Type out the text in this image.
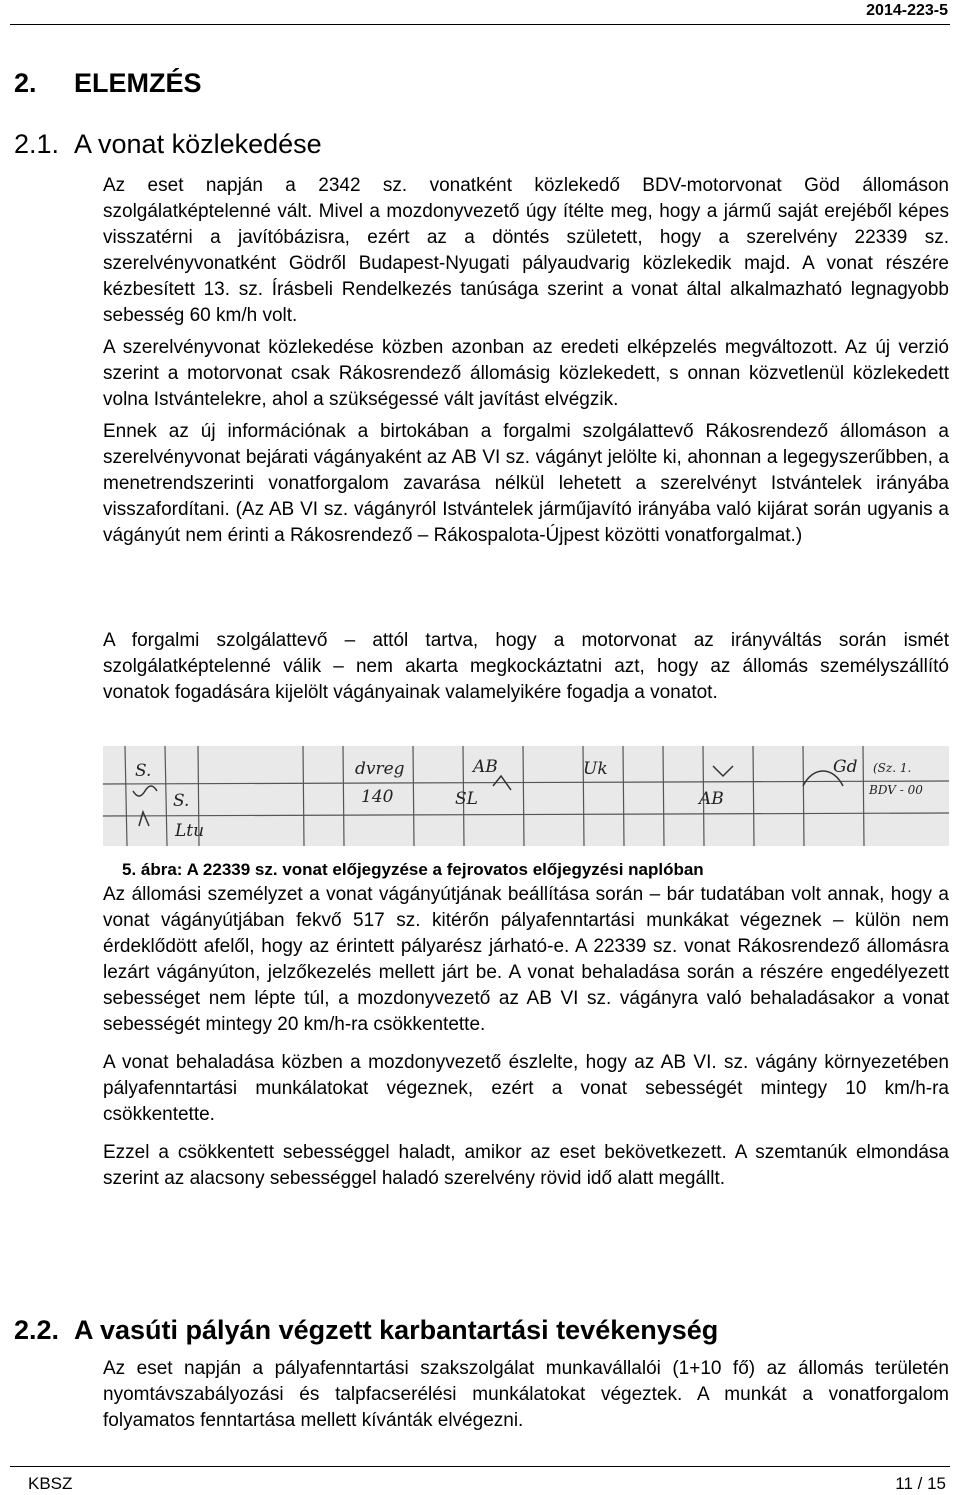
2014-223-5
2. ELEMZÉS
2.1. A vonat közlekedése

Az eset napján a 2342 sz. vonatként közlekedő BDV-motorvonat Göd állomáson szolgálatképtelenné vált. Mivel a mozdonyvezető úgy ítélte meg, hogy a jármű saját erejéből képes visszatérni a javítóbázisra, ezért az a döntés született, hogy a szerelvény 22339 sz. szerelvényvonatként Gödről Budapest-Nyugati pályaudvarig közlekedik majd. A vonat részére kézbesített 13. sz. Írásbeli Rendelkezés tanúsága szerint a vonat által alkalmazható legnagyobb sebesség 60 km/h volt.

A szerelvényvonat közlekedése közben azonban az eredeti elképzelés megváltozott. Az új verzió szerint a motorvonat csak Rákosrendező állomásig közlekedett, s onnan közvetlenül közlekedett volna Istvántelekre, ahol a szükségessé vált javítást elvégzik.

Ennek az új információnak a birtokában a forgalmi szolgálattevő Rákosrendező állomáson a szerelvényvonat bejárati vágányaként az AB VI sz. vágányt jelölte ki, ahonnan a legegyszerűbben, a menetrendszerinti vonatforgalom zavarása nélkül lehetett a szerelvényt Istvántelek irányába visszafordítani. (Az AB VI sz. vágányról Istvántelek járműjavító irányába való kijárat során ugyanis a vágányút nem érinti a Rákosrendező – Rákospalota-Újpest közötti vonatforgalmat.)

A forgalmi szolgálattevő – attól tartva, hogy a motorvonat az irányváltás során ismét szolgálatképtelenné válik – nem akarta megkockáztatni azt, hogy az állomás személyszállító vonatok fogadására kijelölt vágányainak valamelyikére fogadja a vonatot.

dvreg	AB
140
S.	(Sz. 1.
AB	BDV - 00
Uk
S.
Ltu
SL
Gd
5. ábra: A 22339 sz. vonat előjegyzése a fejrovatos előjegyzési naplóban

Az állomási személyzet a vonat vágányútjának beállítása során – bár tudatában volt annak, hogy a vonat vágányútjában fekvő 517 sz. kitérőn pályafenntartási munkákat végeznek – külön nem érdeklődött afelől, hogy az érintett pályarész járható-e. A 22339 sz. vonat Rákosrendező állomásra lezárt vágányúton, jelzőkezelés mellett járt be. A vonat behaladása során a részére engedélyezett sebességet nem lépte túl, a mozdonyvezető az AB VI sz. vágányra való behaladásakor a vonat sebességét mintegy 20 km/h-ra csökkentette.

A vonat behaladása közben a mozdonyvezető észlelte, hogy az AB VI. sz. vágány környezetében pályafenntartási munkálatokat végeznek, ezért a vonat sebességét mintegy 10 km/h-ra csökkentette.

Ezzel a csökkentett sebességgel haladt, amikor az eset bekövetkezett. A szemtanúk elmondása szerint az alacsony sebességgel haladó szerelvény rövid idő alatt megállt.

2.2. A vasúti pályán végzett karbantartási tevékenység

Az eset napján a pályafenntartási szakszolgálat munkavállalói (1+10 fő) az állomás területén nyomtávszabályozási és talpfacserélési munkálatokat végeztek. A munkát a vonatforgalom folyamatos fenntartása mellett kívánták elvégezni.

KBSZ	11 / 15
